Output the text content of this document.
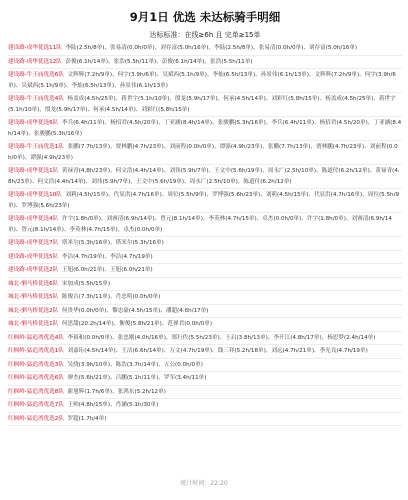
9月1日 优选 未达标骑手明细
达标标准：在线≥6h 且 完单≥15单
建设路-成华优选11队 李陆(2.5h/8单)、张易清(0.0h/0单)、刘存富(5.0h/16单)、李陆(2.5h/8单)、张易清(0.0h/0单)、刘存富(5.0h/16单)
建设路-成华优选12队 彭俊(6.1h/14单)、张浩(5.5h/11单)、彭俊(6.1h/14单)、张浩(5.5h/11单)
建设路-牛王庙优选6队 文辉辉(7.2h/9单)、何宇(3.9h/6单)、吴斌西(5.1h/9单)、李灿(6.5h/13单)、孙景伟(6.1h/13单)、文辉辉(7.2h/9单)、何宇(3.9h/6单)、吴斌西(5.1h/9单)、李灿(6.5h/13单)、孙景伟(6.1h/13单)
建设路-牛王庙优选4队 杨盖成(4.5h/25单)、蒋世宇(5.1h/10单)、殷龙(5.9h/17单)、何承(4.5h/14单)、刘彩红(5.8h/15单)、杨盖成(4.5h/25单)、蒋世宇(5.1h/10单)、殷龙(5.9h/17单)、何承(4.5h/14单)、刘彩红(5.8h/15单)
建设路-成华优选6队 李兵(6.4h/11单)、杨招君(4.5h/20单)、丁亚涵(8.4h/14单)、张骏鹏(5.3h/16单)、李兵(6.4h/11单)、杨招君(4.5h/20单)、丁亚涵(8.4h/14单)、张骏鹏(5.3h/16单)
建设路-牛王庙优选1队 张鹏(7.7h/13单)、贾林鹏(4.7h/23单)、刘前程(0.0h/0单)、谭强(4.9h/23单)、张鹏(7.7h/13单)、贾林鹏(4.7h/23单)、刘前程(0.0h/0单)、谭强(4.9h/23单)
建设路-成华优选1队 黄禄青(4.8h/23单)、何文浩(4.4h/14单)、刘伟(5.9h/7单)、王文中(5.6h/19单)、周永广(2.5h/10单)、陈道付(6.2h/12单)、黄禄青(4.8h/23单)、何文浩(4.4h/14单)、刘伟(5.9h/7单)、王文中(5.6h/19单)、周永广(2.5h/10单)、陈道付(6.2h/12单)
建设路-成华优选10队 刘莉(4.5h/15单)、代显洪(4.7h/16单)、周位(5.5h/9单)、罗博强(5.6h/23单)、刘莉(4.5h/15单)、代显洪(4.7h/16单)、周位(5.5h/9单)、罗博强(5.6h/23单)
建设路-成华优选4队 许宇(1.8h/0单)、刘睿清(6.9h/14单)、曾元(8.1h/14单)、李英林(4.7h/15单)、卓杰(0.0h/0单)、许宇(1.8h/0单)、刘睿清(6.9h/14单)、曾元(8.1h/14单)、李英林(4.7h/15单)、卓杰(0.0h/0单)
建设路-成华优选7队 塔米尔(5.3h/16单)、塔米尔(5.3h/16单)
建设路-成华优选5队 李洁(4.7h/19单)、李洁(4.7h/19单)
建设路-成华优选2队 王旭(6.0h/21单)、王旭(6.0h/21单)
城北-驷马桥优选6队 宋加成(5.5h/15单)
城北-驷马桥优选5队 陈俊吉(7.3h/11单)、肖忠明(0.0h/0单)
城北-驷马桥优选2队 何贵华(0.0h/0单)、黎忠豪(4.5h/15单)、潘超(4.6h/17单)
城北-驷马桥优选1队 何思甜(20.2h/14单)、衡俊(5.8h/21单)、范禅君(0.0h/0单)
红枫岭-猛追湾优选4队 李裕和(0.0h/0单)、张忠刚(4.0h/16单)、郑行佐(5.5h/23单)、王启(3.8h/13单)、李开江(4.8h/17单)、杨思梦(2.4h/14单)
红枫岭-猛追湾优选1队 刘嘉珩(4.5h/14单)、王洁(6.6h/14单)、万文(4.7h/19单)、钱三祥(5.2h/18单)、刘远(4.7h/21单)、李光良(4.7h/19单)
红枫岭-猛追湾优选3队 吴骁(3.9h/10单)、陈浩(3.7h/14单)、五公(0.0h/0单)
红枫岭-猛追湾优选6队 廖杰(5.6h/21单)、吕鹏(5.1h/11单)、罗军(3.4h/11单)
红枫岭-猛追湾优选8队 新旭辉(1.7h/6单)、张鸿东(5.2h/12单)
红枫岭-猛追湾优选7队 王帅(4.8h/15单)、肖涵(5.1h/30单)
红枫岭-猛追湾优选2队 罗超(1.7h/4单)
统计时间：22:20
